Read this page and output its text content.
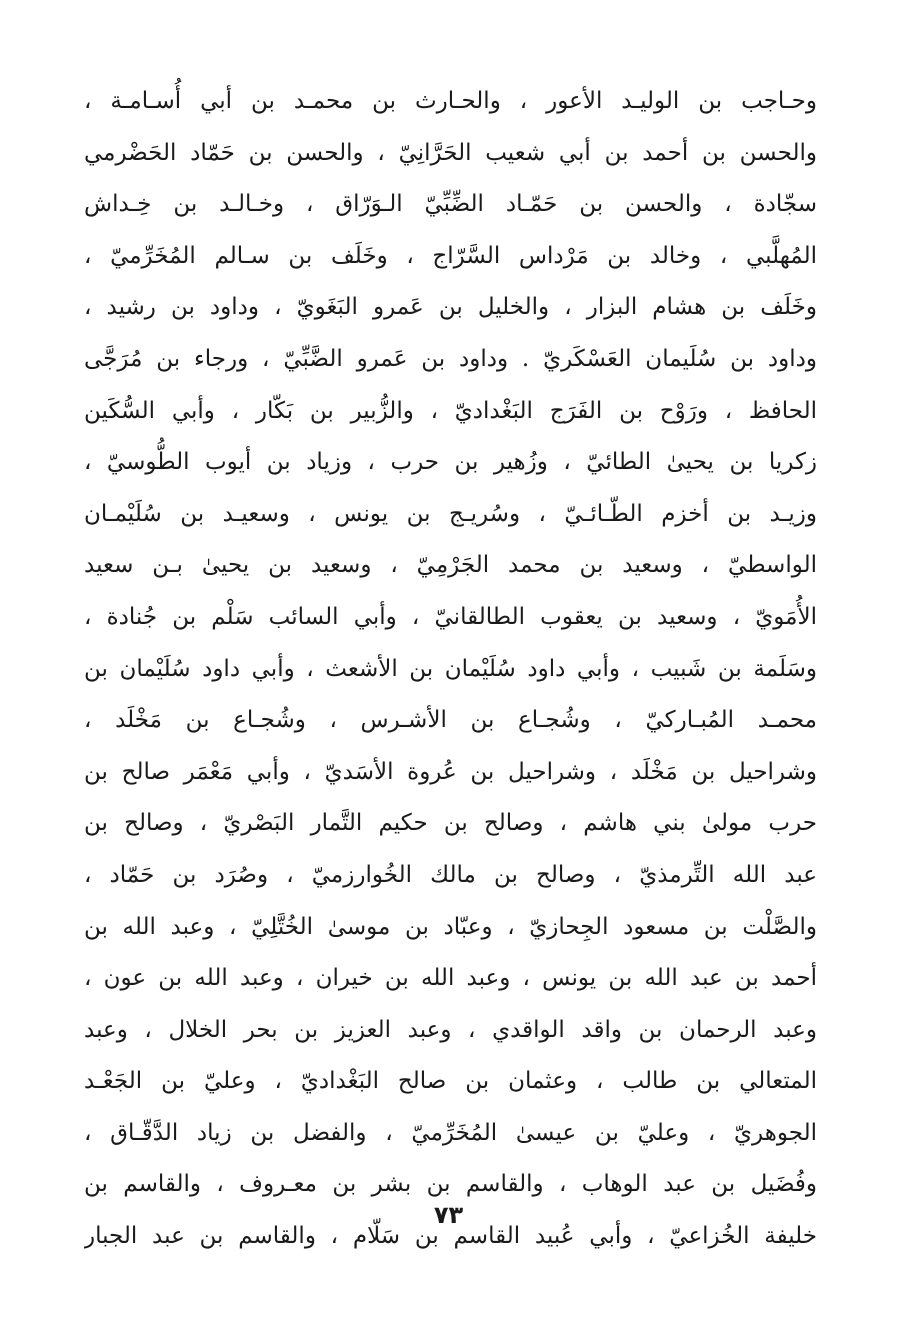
وحـاجب بن الوليـد الأعور ، والحـارث بن محمـد بن أبي أُسـامـة ،
والحسن بن أحمد بن أبي شعيب الحَرَّانِيّ ، والحسن بن حَمّاد الحَضْرمي
سجّادة ، والحسن بن حَمّـاد الضِّبِّيّ الـوَرّاق ، وخـالـد بن خِـداش
المُهلَّبي ، وخالد بن مَرْداس السَّرّاج ، وخَلَف بن سـالم المُخَرِّميّ ،
وخَلَف بن هشام البزار ، والخليل بن عَمرو البَغَويّ ، وداود بن رشيد ،
وداود بن سُلَيمان العَسْكَريّ . وداود بن عَمرو الضَّبِّيّ ، ورجاء بن مُرَجَّى
الحافظ ، ورَوْح بن الفَرَج البَغْداديّ ، والزُّبير بن بَكّار ، وأبي السُّكَين
زكريا بن يحيىٰ الطائيّ ، وزُهير بن حرب ، وزياد بن أيوب الطُّوسيّ ،
وزيـد بن أخزم الطّـائـيّ ، وسُريـج بن يونس ، وسعيـد بن سُلَيْمـان
الواسطيّ ، وسعيد بن محمد الجَرْمِيّ ، وسعيد بن يحيىٰ بـن سعيد
الأُمَويّ ، وسعيد بن يعقوب الطالقانيّ ، وأبي السائب سَلْم بن جُنادة ،
وسَلَمة بن شَبيب ، وأبي داود سُلَيْمان بن الأشعث ، وأبي داود سُلَيْمان بن
محمـد المُبـاركيّ ، وشُجـاع بن الأشـرس ، وشُجـاع بن مَخْلَد ،
وشراحيل بن مَخْلَد ، وشراحيل بن عُروة الأسَديّ ، وأبي مَعْمَر صالح بن
حرب مولىٰ بني هاشم ، وصالح بن حكيم التَّمار البَصْريّ ، وصالح بن
عبد الله التِّرمذيّ ، وصالح بن مالك الخُوارزميّ ، وصُرَد بن حَمّاد ،
والصَّلْت بن مسعود الجِحازيّ ، وعبّاد بن موسىٰ الخُتَّلِيّ ، وعبد الله بن
أحمد بن عبد الله بن يونس ، وعبد الله بن خيران ، وعبد الله بن عون ،
وعبد الرحمان بن واقد الواقدي ، وعبد العزيز بن بحر الخلال ، وعبد
المتعالي بن طالب ، وعثمان بن صالح البَغْداديّ ، وعليّ بن الجَعْـد
الجوهريّ ، وعليّ بن عيسىٰ المُخَرِّميّ ، والفضل بن زياد الدَّقّـاق ،
وفُضَيل بن عبد الوهاب ، والقاسم بن بشر بن معـروف ، والقاسم بن
خليفة الخُزاعيّ ، وأبي عُبيد القاسم بن سَلّام ، والقاسم بن عبد الجبار
٧٣
